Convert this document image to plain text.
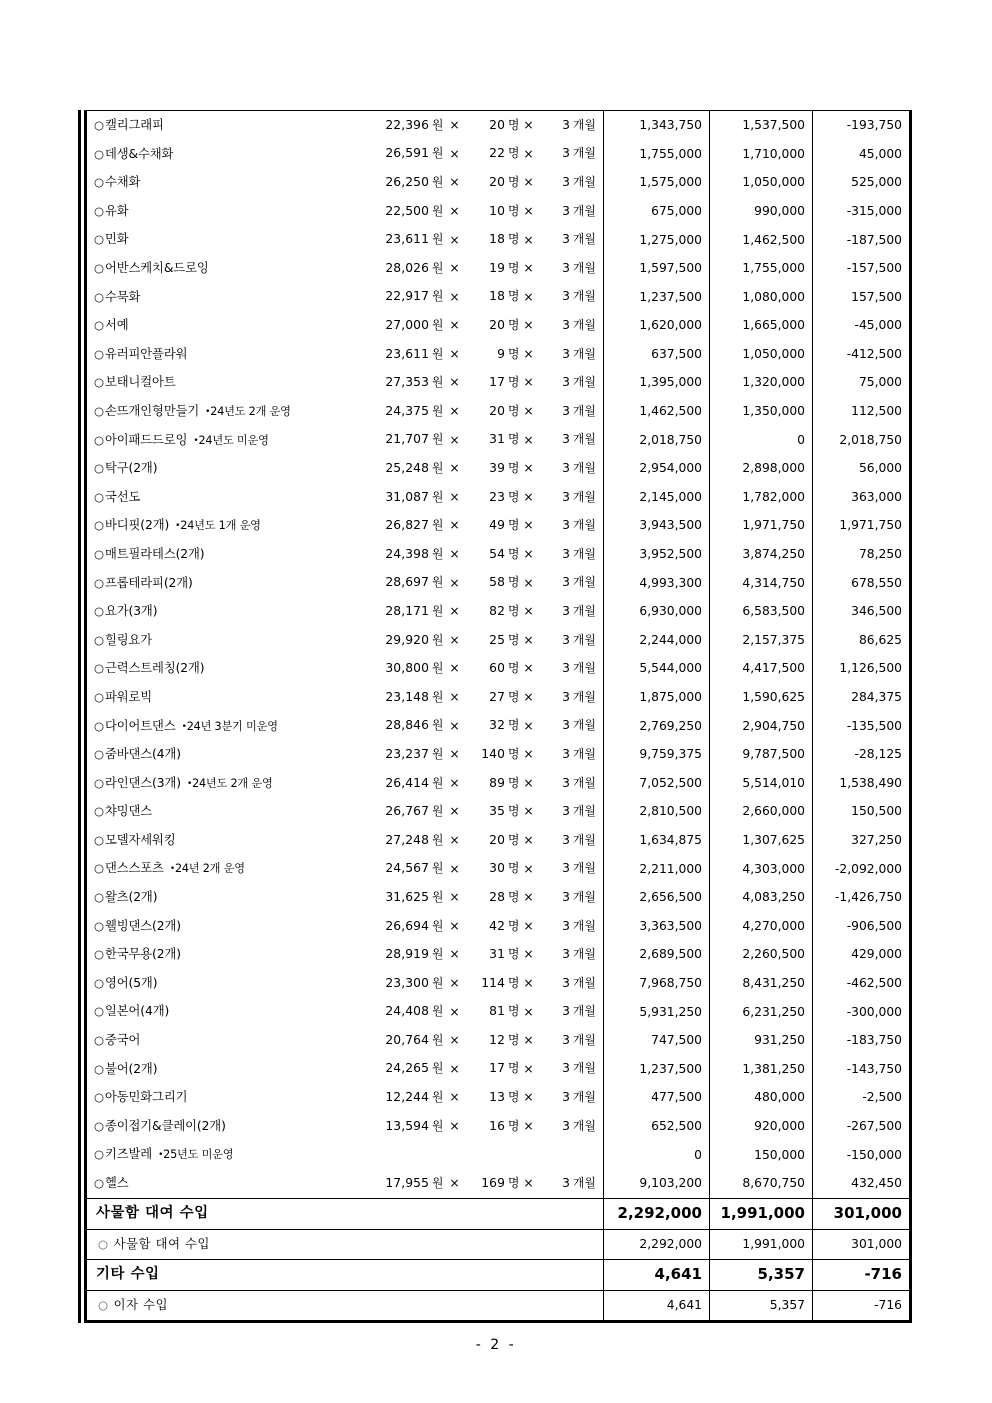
○캘리그래피	22,396 원	×	20 명	×	3 개월	1,343,750	1,537,500	-193,750
○데생&수채화	26,591 원	×	22 명	×	3 개월	1,755,000	1,710,000	45,000
○수채화	26,250 원	×	20 명	×	3 개월	1,575,000	1,050,000	525,000
○유화	22,500 원	×	10 명	×	3 개월	675,000	990,000	-315,000
○민화	23,611 원	×	18 명	×	3 개월	1,275,000	1,462,500	-187,500
○어반스케치&드로잉	28,026 원	×	19 명	×	3 개월	1,597,500	1,755,000	-157,500
○수묵화	22,917 원	×	18 명	×	3 개월	1,237,500	1,080,000	157,500
○서예	27,000 원	×	20 명	×	3 개월	1,620,000	1,665,000	-45,000
○유러피안플라워	23,611 원	×	9 명	×	3 개월	637,500	1,050,000	-412,500
○보태니컬아트	27,353 원	×	17 명	×	3 개월	1,395,000	1,320,000	75,000
○손뜨개인형만들기 •24년도 2개 운영	24,375 원	×	20 명	×	3 개월	1,462,500	1,350,000	112,500
○아이패드드로잉 •24년도 미운영	21,707 원	×	31 명	×	3 개월	2,018,750	0	2,018,750
○탁구(2개)	25,248 원	×	39 명	×	3 개월	2,954,000	2,898,000	56,000
○국선도	31,087 원	×	23 명	×	3 개월	2,145,000	1,782,000	363,000
○바디핏(2개) •24년도 1개 운영	26,827 원	×	49 명	×	3 개월	3,943,500	1,971,750	1,971,750
○매트필라테스(2개)	24,398 원	×	54 명	×	3 개월	3,952,500	3,874,250	78,250
○프롭테라피(2개)	28,697 원	×	58 명	×	3 개월	4,993,300	4,314,750	678,550
○요가(3개)	28,171 원	×	82 명	×	3 개월	6,930,000	6,583,500	346,500
○힐링요가	29,920 원	×	25 명	×	3 개월	2,244,000	2,157,375	86,625
○근력스트레칭(2개)	30,800 원	×	60 명	×	3 개월	5,544,000	4,417,500	1,126,500
○파워로빅	23,148 원	×	27 명	×	3 개월	1,875,000	1,590,625	284,375
○다이어트댄스 •24년 3분기 미운영	28,846 원	×	32 명	×	3 개월	2,769,250	2,904,750	-135,500
○줌바댄스(4개)	23,237 원	×	140 명	×	3 개월	9,759,375	9,787,500	-28,125
○라인댄스(3개) •24년도 2개 운영	26,414 원	×	89 명	×	3 개월	7,052,500	5,514,010	1,538,490
○챠밍댄스	26,767 원	×	35 명	×	3 개월	2,810,500	2,660,000	150,500
○모델자세워킹	27,248 원	×	20 명	×	3 개월	1,634,875	1,307,625	327,250
○댄스스포츠 •24년 2개 운영	24,567 원	×	30 명	×	3 개월	2,211,000	4,303,000	-2,092,000
○왈츠(2개)	31,625 원	×	28 명	×	3 개월	2,656,500	4,083,250	-1,426,750
○웰빙댄스(2개)	26,694 원	×	42 명	×	3 개월	3,363,500	4,270,000	-906,500
○한국무용(2개)	28,919 원	×	31 명	×	3 개월	2,689,500	2,260,500	429,000
○영어(5개)	23,300 원	×	114 명	×	3 개월	7,968,750	8,431,250	-462,500
○일본어(4개)	24,408 원	×	81 명	×	3 개월	5,931,250	6,231,250	-300,000
○중국어	20,764 원	×	12 명	×	3 개월	747,500	931,250	-183,750
○불어(2개)	24,265 원	×	17 명	×	3 개월	1,237,500	1,381,250	-143,750
○아동민화그리기	12,244 원	×	13 명	×	3 개월	477,500	480,000	-2,500
○종이접기&클레이(2개)	13,594 원	×	16 명	×	3 개월	652,500	920,000	-267,500
○키즈발레 •25년도 미운영						0	150,000	-150,000
○헬스	17,955 원	×	169 명	×	3 개월	9,103,200	8,670,750	432,450
사물함 대여 수입						2,292,000	1,991,000	301,000
○ 사물함 대여 수입						2,292,000	1,991,000	301,000
기타 수입						4,641	5,357	-716
○ 이자 수입						4,641	5,357	-716
- 2 -
